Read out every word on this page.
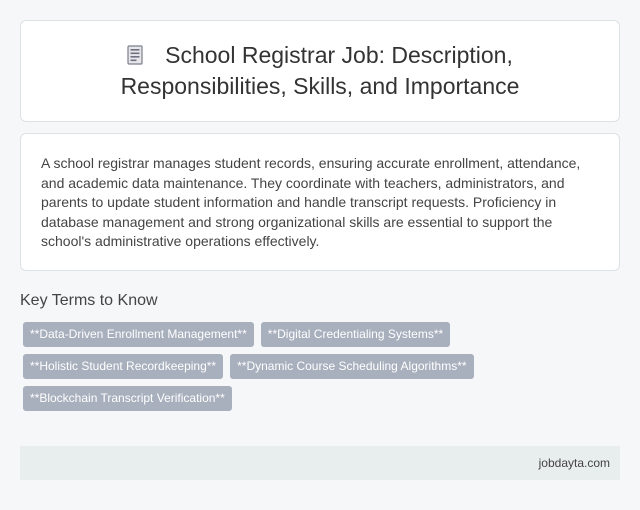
School Registrar Job: Description,
Responsibilities, Skills, and Importance

A school registrar manages student records, ensuring accurate enrollment, attendance, and academic data maintenance. They coordinate with teachers, administrators, and parents to update student information and handle transcript requests. Proficiency in database management and strong organizational skills are essential to support the school's administrative operations effectively.

Key Terms to Know
**Data-Driven Enrollment Management**	**Digital Credentialing Systems**
**Holistic Student Recordkeeping**	**Dynamic Course Scheduling Algorithms**
**Blockchain Transcript Verification**
jobdayta.com
